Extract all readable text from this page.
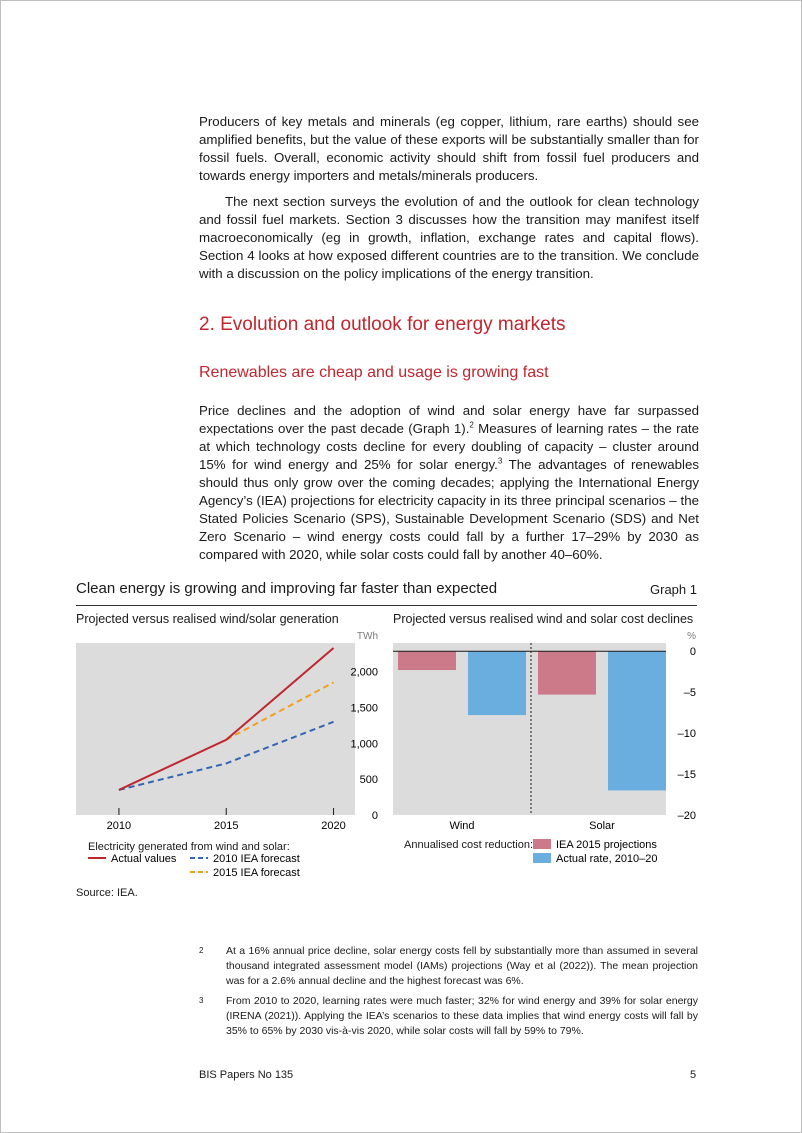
Producers of key metals and minerals (eg copper, lithium, rare earths) should see amplified benefits, but the value of these exports will be substantially smaller than for fossil fuels. Overall, economic activity should shift from fossil fuel producers and towards energy importers and metals/minerals producers.

The next section surveys the evolution of and the outlook for clean technology and fossil fuel markets. Section 3 discusses how the transition may manifest itself macroeconomically (eg in growth, inflation, exchange rates and capital flows). Section 4 looks at how exposed different countries are to the transition. We conclude with a discussion on the policy implications of the energy transition.

2. Evolution and outlook for energy markets
Renewables are cheap and usage is growing fast

Price declines and the adoption of wind and solar energy have far surpassed expectations over the past decade (Graph 1).$^2$ Measures of learning rates – the rate at which technology costs decline for every doubling of capacity – cluster around 15% for wind energy and 25% for solar energy.$^3$ The advantages of renewables should thus only grow over the coming decades; applying the International Energy Agency’s (IEA) projections for electricity capacity in its three principal scenarios – the Stated Policies Scenario (SPS), Sustainable Development Scenario (SDS) and Net Zero Scenario – wind energy costs could fall by a further 17–29% by 2030 as compared with 2020, while solar costs could fall by another 40–60%.

Clean energy is growing and improving far faster than expected	Graph 1
Projected versus realised wind/solar generation	Projected versus realised wind and solar cost declines
TWh
0
500
1,000
1,500
2,000
2010	2015	2020
Electricity generated from wind and solar:
Actual values	2010 IEA forecast
2015 IEA forecast
%
0
–5
–10
–15
–20
Wind	Solar
Annualised cost reduction: IEA 2015 projections
Actual rate, 2010–20
Source: IEA.
2 At a 16% annual price decline, solar energy costs fell by substantially more than assumed in several thousand integrated assessment model (IAMs) projections (Way et al (2022)). The mean projection was for a 2.6% annual decline and the highest forecast was 6%.
3 From 2010 to 2020, learning rates were much faster; 32% for wind energy and 39% for solar energy (IRENA (2021)). Applying the IEA’s scenarios to these data implies that wind energy costs will fall by 35% to 65% by 2030 vis-à-vis 2020, while solar costs will fall by 59% to 79%.
BIS Papers No 135	5
